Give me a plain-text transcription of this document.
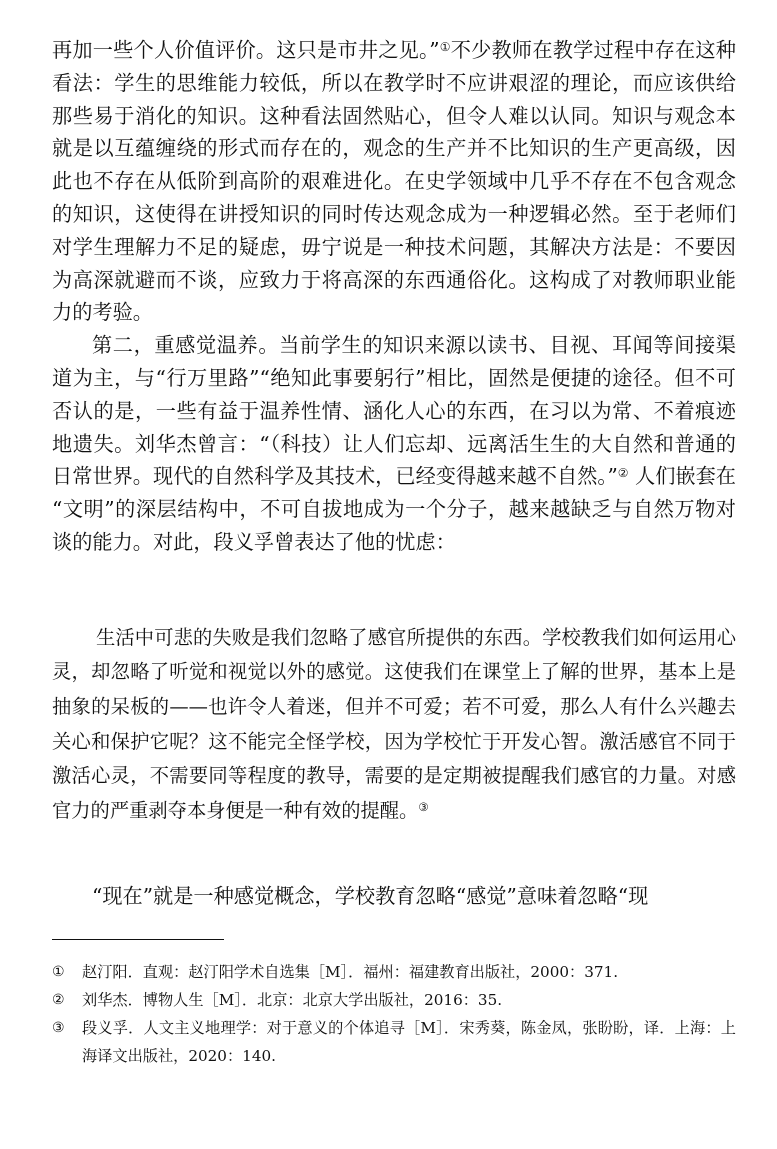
再加一些个人价值评价。这只是市井之见。”①不少教师在教学过程中存在这种看法：学生的思维能力较低，所以在教学时不应讲艰涩的理论，而应该供给那些易于消化的知识。这种看法固然贴心，但令人难以认同。知识与观念本就是以互蕴缠绕的形式而存在的，观念的生产并不比知识的生产更高级，因此也不存在从低阶到高阶的艰难进化。在史学领域中几乎不存在不包含观念的知识，这使得在讲授知识的同时传达观念成为一种逻辑必然。至于老师们对学生理解力不足的疑虑，毋宁说是一种技术问题，其解决方法是：不要因为高深就避而不谈，应致力于将高深的东西通俗化。这构成了对教师职业能力的考验。

第二，重感觉温养。当前学生的知识来源以读书、目视、耳闻等间接渠道为主，与“行万里路”“绝知此事要躬行”相比，固然是便捷的途径。但不可否认的是，一些有益于温养性情、涵化人心的东西，在习以为常、不着痕迹地遗失。刘华杰曾言：“（科技）让人们忘却、远离活生生的大自然和普通的日常世界。现代的自然科学及其技术，已经变得越来越不自然。”② 人们嵌套在“文明”的深层结构中，不可自拔地成为一个分子，越来越缺乏与自然万物对谈的能力。对此，段义孚曾表达了他的忧虑：

生活中可悲的失败是我们忽略了感官所提供的东西。学校教我们如何运用心灵，却忽略了听觉和视觉以外的感觉。这使我们在课堂上了解的世界，基本上是抽象的呆板的——也许令人着迷，但并不可爱；若不可爱，那么人有什么兴趣去关心和保护它呢？这不能完全怪学校，因为学校忙于开发心智。激活感官不同于激活心灵，不需要同等程度的教导，需要的是定期被提醒我们感官的力量。对感官力的严重剥夺本身便是一种有效的提醒。③

“现在”就是一种感觉概念，学校教育忽略“感觉”意味着忽略“现

①	赵汀阳．直观：赵汀阳学术自选集［M］．福州：福建教育出版社，2000：371.
②	刘华杰．博物人生［M］．北京：北京大学出版社，2016：35.
③	段义孚．人文主义地理学：对于意义的个体追寻［M］．宋秀葵，陈金凤，张盼盼，译．上海：上海译文出版社，2020：140.
